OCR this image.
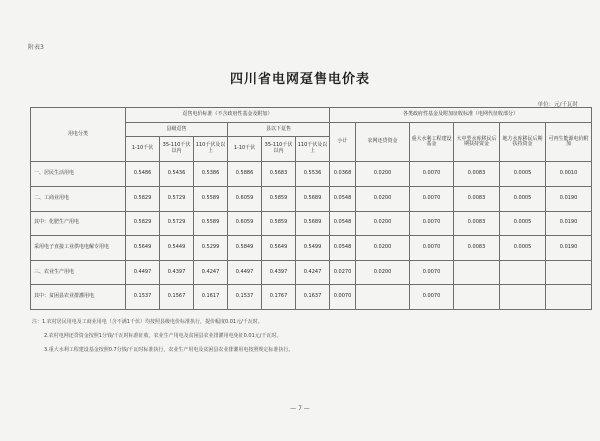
附表3
四川省电网趸售电价表
单位：元/千瓦时
用电分类	趸售电价标准（不含政府性基金及附加）						各类政府性基金及附加征收标准（电网代征收部分）					
	县级趸售			县以下趸售			小计	农网还贷资金	重大水利工程建设基金	大中型水库移民后期扶持资金	地方水库移民后期扶持资金	可再生能源电价附加
	1-10千伏	35-110千伏以内	110千伏及以上	1-10千伏	35-110千伏以内	110千伏及以上						
一、居民生活用电	0.5486	0.5436	0.5386	0.5886	0.5683	0.5536	0.0368	0.0200	0.0070	0.0083	0.0005	0.0010
二、工商业用电	0.5829	0.5729	0.5589	0.6059	0.5859	0.5689	0.0548	0.0200	0.0070	0.0083	0.0005	0.0190
其中：化肥生产用电	0.5829	0.5729	0.5589	0.6059	0.5859	0.5689	0.0548	0.0200	0.0070	0.0083	0.0005	0.0190
采用电子直接工业供电电解专用电	0.5649	0.5449	0.5299	0.5849	0.5649	0.5499	0.0548	0.0200	0.0070	0.0083	0.0005	0.0190
三、农业生产用电	0.4497	0.4397	0.4247	0.4497	0.4397	0.4247	0.0270	0.0200	0.0070			
其中：贫困县农业排灌用电	0.1537	0.1567	0.1617	0.1537	0.1767	0.1637	0.0070		0.0070			
注：1.农村居民用电及工商业用电（含不满1千伏）均按照县级电价标准执行，提价幅度0.01元/千瓦时。
2.农村电网还贷资金按照1分钱/千瓦时标准征收，农业生产用电及贫困县农业排灌用电免征0.01元/千瓦时。
3.重大水利工程建设基金按照0.7分钱/千瓦时标准执行，农业生产用电及贫困县农业排灌用电按照规定标准执行。
— 7 —
